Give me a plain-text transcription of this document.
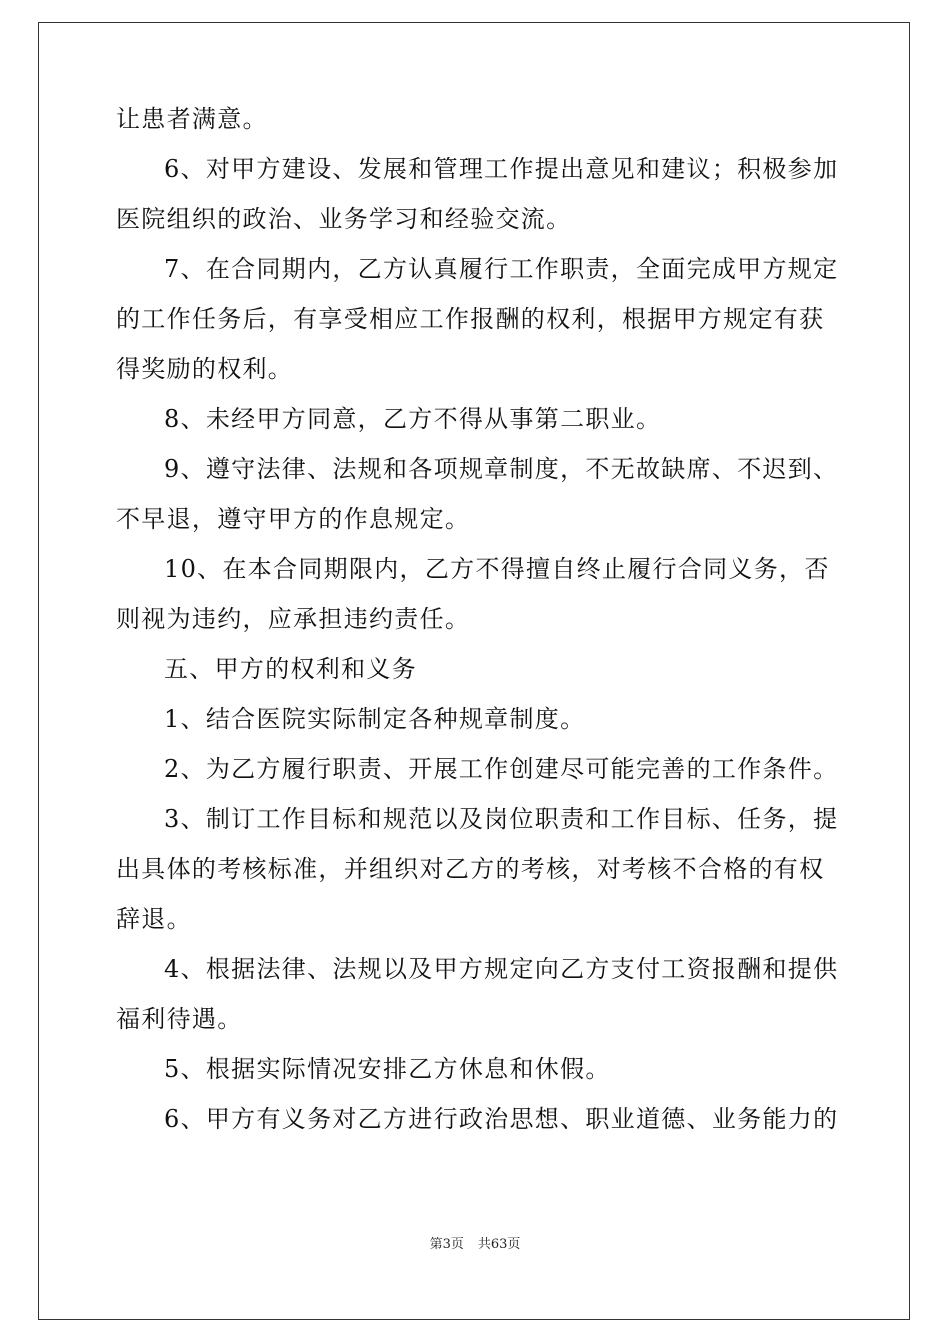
让患者满意。

6、对甲方建设、发展和管理工作提出意见和建议；积极参加
医院组织的政治、业务学习和经验交流。

7、在合同期内，乙方认真履行工作职责，全面完成甲方规定
的工作任务后，有享受相应工作报酬的权利，根据甲方规定有获
得奖励的权利。

8、未经甲方同意，乙方不得从事第二职业。

9、遵守法律、法规和各项规章制度，不无故缺席、不迟到、
不早退，遵守甲方的作息规定。

10、在本合同期限内，乙方不得擅自终止履行合同义务，否
则视为违约，应承担违约责任。

五、甲方的权利和义务

1、结合医院实际制定各种规章制度。

2、为乙方履行职责、开展工作创建尽可能完善的工作条件。

3、制订工作目标和规范以及岗位职责和工作目标、任务，提
出具体的考核标准，并组织对乙方的考核，对考核不合格的有权
辞退。

4、根据法律、法规以及甲方规定向乙方支付工资报酬和提供
福利待遇。

5、根据实际情况安排乙方休息和休假。

6、甲方有义务对乙方进行政治思想、职业道德、业务能力的

第3页 共63页
